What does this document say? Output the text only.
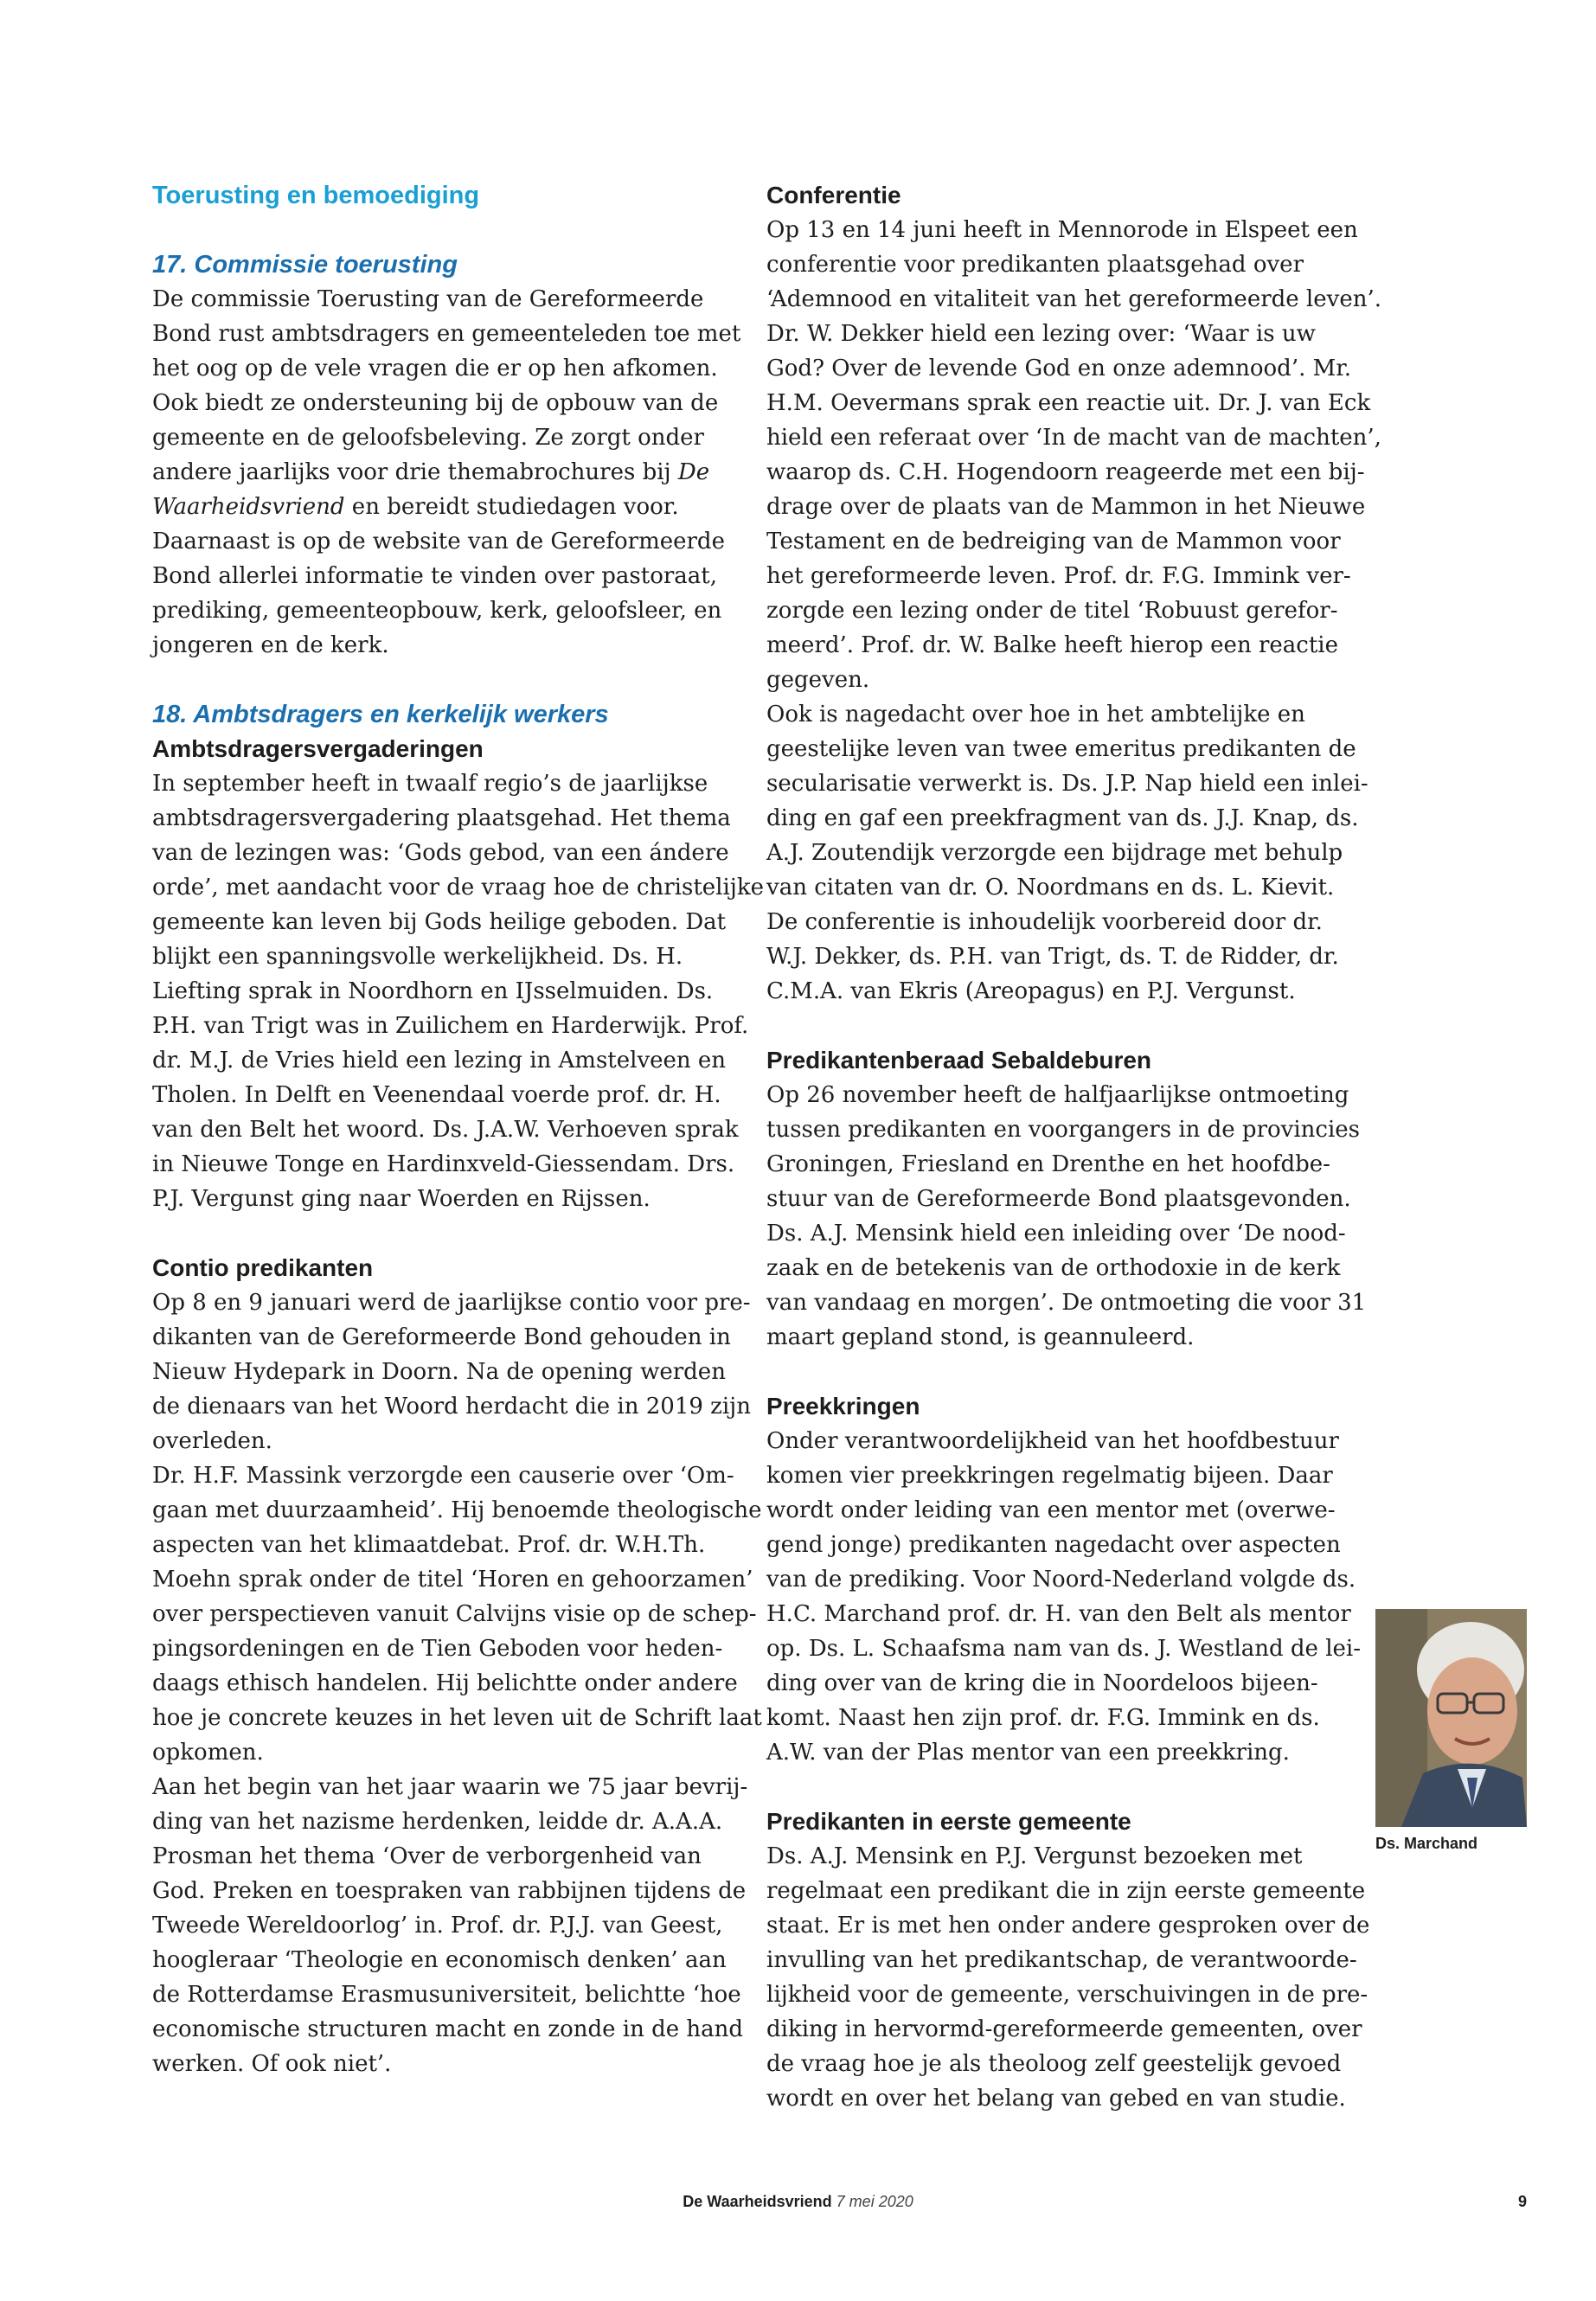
Toerusting en bemoediging
17. Commissie toerusting
De commissie Toerusting van de Gereformeerde
Bond rust ambtsdragers en gemeenteleden toe met
het oog op de vele vragen die er op hen afkomen.
Ook biedt ze ondersteuning bij de opbouw van de
gemeente en de geloofsbeleving. Ze zorgt onder
andere jaarlijks voor drie themabrochures bij De
Waarheidsvriend en bereidt studiedagen voor.
Daarnaast is op de website van de Gereformeerde
Bond allerlei informatie te vinden over pastoraat,
prediking, gemeenteopbouw, kerk, geloofsleer, en
jongeren en de kerk.
18. Ambtsdragers en kerkelijk werkers
Ambtsdragersvergaderingen
In september heeft in twaalf regio’s de jaarlijkse
ambtsdragersvergadering plaatsgehad. Het thema
van de lezingen was: ‘Gods gebod, van een ándere
orde’, met aandacht voor de vraag hoe de christelijke
gemeente kan leven bij Gods heilige geboden. Dat
blijkt een spanningsvolle werkelijkheid. Ds. H.
Liefting sprak in Noordhorn en IJsselmuiden. Ds.
P.H. van Trigt was in Zuilichem en Harderwijk. Prof.
dr. M.J. de Vries hield een lezing in Amstelveen en
Tholen. In Delft en Veenendaal voerde prof. dr. H.
van den Belt het woord. Ds. J.A.W. Verhoeven sprak
in Nieuwe Tonge en Hardinxveld-Giessendam. Drs.
P.J. Vergunst ging naar Woerden en Rijssen.
Contio predikanten
Op 8 en 9 januari werd de jaarlijkse contio voor pre-
dikanten van de Gereformeerde Bond gehouden in
Nieuw Hydepark in Doorn. Na de opening werden
de dienaars van het Woord herdacht die in 2019 zijn
overleden.
Dr. H.F. Massink verzorgde een causerie over ‘Om-
gaan met duurzaamheid’. Hij benoemde theologische
aspecten van het klimaatdebat. Prof. dr. W.H.Th.
Moehn sprak onder de titel ‘Horen en gehoorzamen’
over perspectieven vanuit Calvijns visie op de schep-
pingsordeningen en de Tien Geboden voor heden-
daags ethisch handelen. Hij belichtte onder andere
hoe je concrete keuzes in het leven uit de Schrift laat
opkomen.
Aan het begin van het jaar waarin we 75 jaar bevrij-
ding van het nazisme herdenken, leidde dr. A.A.A.
Prosman het thema ‘Over de verborgenheid van
God. Preken en toespraken van rabbijnen tijdens de
Tweede Wereldoorlog’ in. Prof. dr. P.J.J. van Geest,
hoogleraar ‘Theologie en economisch denken’ aan
de Rotterdamse Erasmusuniversiteit, belichtte ‘hoe
economische structuren macht en zonde in de hand
werken. Of ook niet’.
Conferentie
Op 13 en 14 juni heeft in Mennorode in Elspeet een
conferentie voor predikanten plaatsgehad over
‘Ademnood en vitaliteit van het gereformeerde leven’.
Dr. W. Dekker hield een lezing over: ‘Waar is uw
God? Over de levende God en onze ademnood’. Mr.
H.M. Oevermans sprak een reactie uit. Dr. J. van Eck
hield een referaat over ‘In de macht van de machten’,
waarop ds. C.H. Hogendoorn reageerde met een bij-
drage over de plaats van de Mammon in het Nieuwe
Testament en de bedreiging van de Mammon voor
het gereformeerde leven. Prof. dr. F.G. Immink ver-
zorgde een lezing onder de titel ‘Robuust gerefor-
meerd’. Prof. dr. W. Balke heeft hierop een reactie
gegeven.
Ook is nagedacht over hoe in het ambtelijke en
geestelijke leven van twee emeritus predikanten de
secularisatie verwerkt is. Ds. J.P. Nap hield een inlei-
ding en gaf een preekfragment van ds. J.J. Knap, ds.
A.J. Zoutendijk verzorgde een bijdrage met behulp
van citaten van dr. O. Noordmans en ds. L. Kievit.
De conferentie is inhoudelijk voorbereid door dr.
W.J. Dekker, ds. P.H. van Trigt, ds. T. de Ridder, dr.
C.M.A. van Ekris (Areopagus) en P.J. Vergunst.
Predikantenberaad Sebaldeburen
Op 26 november heeft de halfjaarlijkse ontmoeting
tussen predikanten en voorgangers in de provincies
Groningen, Friesland en Drenthe en het hoofdbe-
stuur van de Gereformeerde Bond plaatsgevonden.
Ds. A.J. Mensink hield een inleiding over ‘De nood-
zaak en de betekenis van de orthodoxie in de kerk
van vandaag en morgen’. De ontmoeting die voor 31
maart gepland stond, is geannuleerd.
Preekkringen
Onder verantwoordelijkheid van het hoofdbestuur
komen vier preekkringen regelmatig bijeen. Daar
wordt onder leiding van een mentor met (overwe-
gend jonge) predikanten nagedacht over aspecten
van de prediking. Voor Noord-Nederland volgde ds.
H.C. Marchand prof. dr. H. van den Belt als mentor
op. Ds. L. Schaafsma nam van ds. J. Westland de lei-
ding over van de kring die in Noordeloos bijeen-
komt. Naast hen zijn prof. dr. F.G. Immink en ds.
A.W. van der Plas mentor van een preekkring.
Predikanten in eerste gemeente
Ds. A.J. Mensink en P.J. Vergunst bezoeken met
regelmaat een predikant die in zijn eerste gemeente
staat. Er is met hen onder andere gesproken over de
invulling van het predikantschap, de verantwoorde-
lijkheid voor de gemeente, verschuivingen in de pre-
diking in hervormd-gereformeerde gemeenten, over
de vraag hoe je als theoloog zelf geestelijk gevoed
wordt en over het belang van gebed en van studie.
Ds. Marchand
De Waarheidsvriend 7 mei 2020	9
